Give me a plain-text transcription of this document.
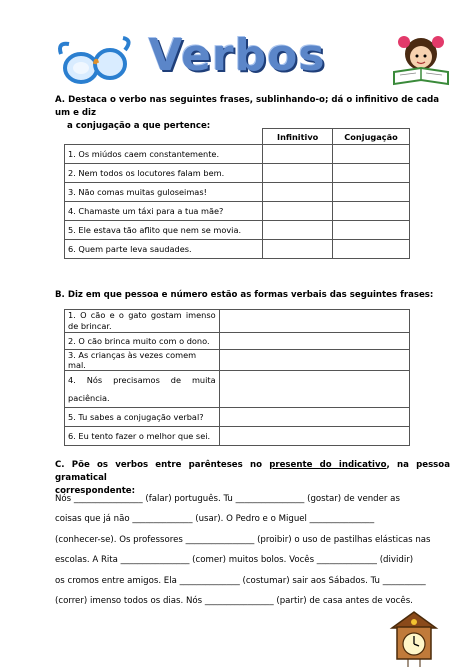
Verbos
A. Destaca o verbo nas seguintes frases, sublinhando-o; dá o infinitivo de cada um e diz
a conjugação a que pertence:
	Infinitivo	Conjugação
1. Os miúdos caem constantemente.		
2. Nem todos os locutores falam bem.		
3. Não comas muitas guloseimas!		
4. Chamaste um táxi para a tua mãe?		
5. Ele estava tão aflito que nem se movia.		
6. Quem parte leva saudades.		
B. Diz em que pessoa e número estão as formas verbais das seguintes frases:
1. O cão e o gato gostam imenso de brincar.	
2. O cão brinca muito com o dono.	
3. As crianças às vezes comem mal.	
4. Nós precisamos de muita paciência.	
5. Tu sabes a conjugação verbal?	
6. Eu tento fazer o melhor que sei.	
C. Põe os verbos entre parênteses no presente do indicativo, na pessoa gramatical
correspondente:
Nós ________________ (falar) português. Tu ________________ (gostar) de vender as
coisas que já não ______________ (usar). O Pedro e o Miguel _______________
(conhecer-se). Os professores ________________ (proibir) o uso de pastilhas elásticas nas
escolas. A Rita ________________ (comer) muitos bolos. Vocês ______________ (dividir)
os cromos entre amigos. Ela ______________ (costumar) sair aos Sábados. Tu __________
(correr) imenso todos os dias. Nós ________________ (partir) de casa antes de vocês.
